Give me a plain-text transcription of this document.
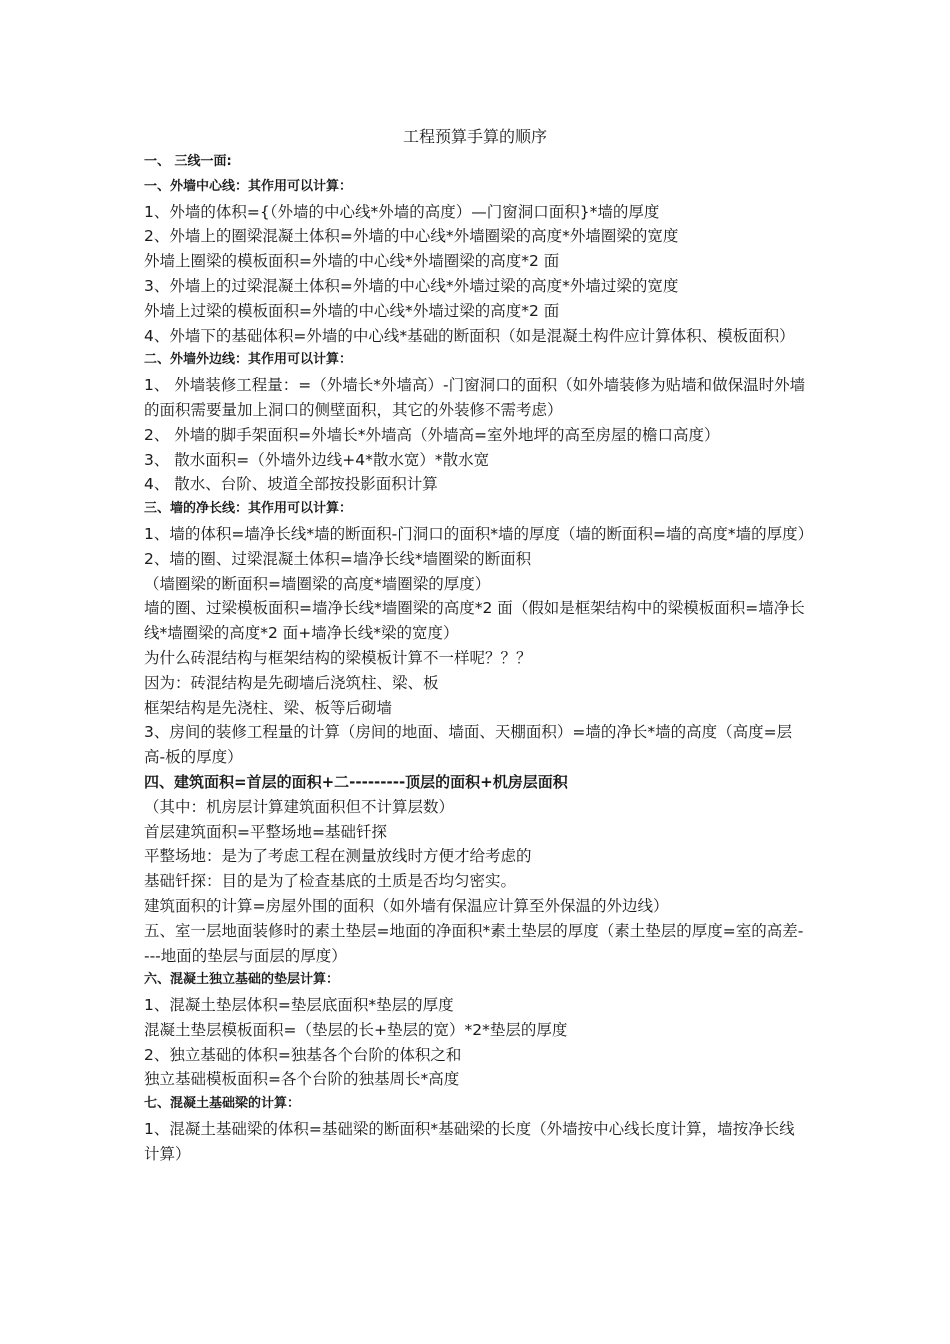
工程预算手算的顺序
一、 三线一面:
一、外墙中心线：其作用可以计算：
1、外墙的体积={（外墙的中心线*外墙的高度）—门窗洞口面积}*墙的厚度
2、外墙上的圈梁混凝土体积=外墙的中心线*外墙圈梁的高度*外墙圈梁的宽度
外墙上圈梁的模板面积=外墙的中心线*外墙圈梁的高度*2 面
3、外墙上的过梁混凝土体积=外墙的中心线*外墙过梁的高度*外墙过梁的宽度
外墙上过梁的模板面积=外墙的中心线*外墙过梁的高度*2 面
4、外墙下的基础体积=外墙的中心线*基础的断面积（如是混凝土构件应计算体积、模板面积）
二、外墙外边线：其作用可以计算：
1、 外墙装修工程量：=（外墙长*外墙高）-门窗洞口的面积（如外墙装修为贴墙和做保温时外墙的面积需要量加上洞口的侧壁面积，其它的外装修不需考虑）
2、 外墙的脚手架面积=外墙长*外墙高（外墙高=室外地坪的高至房屋的檐口高度）
3、 散水面积=（外墙外边线+4*散水宽）*散水宽
4、 散水、台阶、坡道全部按投影面积计算
三、墙的净长线：其作用可以计算：
1、墙的体积=墙净长线*墙的断面积-门洞口的面积*墙的厚度（墙的断面积=墙的高度*墙的厚度）
2、墙的圈、过梁混凝土体积=墙净长线*墙圈梁的断面积
（墙圈梁的断面积=墙圈梁的高度*墙圈梁的厚度）
墙的圈、过梁模板面积=墙净长线*墙圈梁的高度*2 面（假如是框架结构中的梁模板面积=墙净长线*墙圈梁的高度*2 面+墙净长线*梁的宽度）
为什么砖混结构与框架结构的梁模板计算不一样呢？？？
因为：砖混结构是先砌墙后浇筑柱、梁、板
框架结构是先浇柱、梁、板等后砌墙
3、房间的装修工程量的计算（房间的地面、墙面、天棚面积）=墙的净长*墙的高度（高度=层高-板的厚度）
四、建筑面积=首层的面积+二---------顶层的面积+机房层面积
（其中：机房层计算建筑面积但不计算层数）
首层建筑面积=平整场地=基础钎探
平整场地：是为了考虑工程在测量放线时方便才给考虑的
基础钎探：目的是为了检查基底的土质是否均匀密实。
建筑面积的计算=房屋外围的面积（如外墙有保温应计算至外保温的外边线）
五、室一层地面装修时的素土垫层=地面的净面积*素土垫层的厚度（素土垫层的厚度=室的高差----地面的垫层与面层的厚度）
六、混凝土独立基础的垫层计算：
1、混凝土垫层体积=垫层底面积*垫层的厚度
混凝土垫层模板面积=（垫层的长+垫层的宽）*2*垫层的厚度
2、独立基础的体积=独基各个台阶的体积之和
独立基础模板面积=各个台阶的独基周长*高度
七、混凝土基础梁的计算：
1、混凝土基础梁的体积=基础梁的断面积*基础梁的长度（外墙按中心线长度计算，墙按净长线计算）
